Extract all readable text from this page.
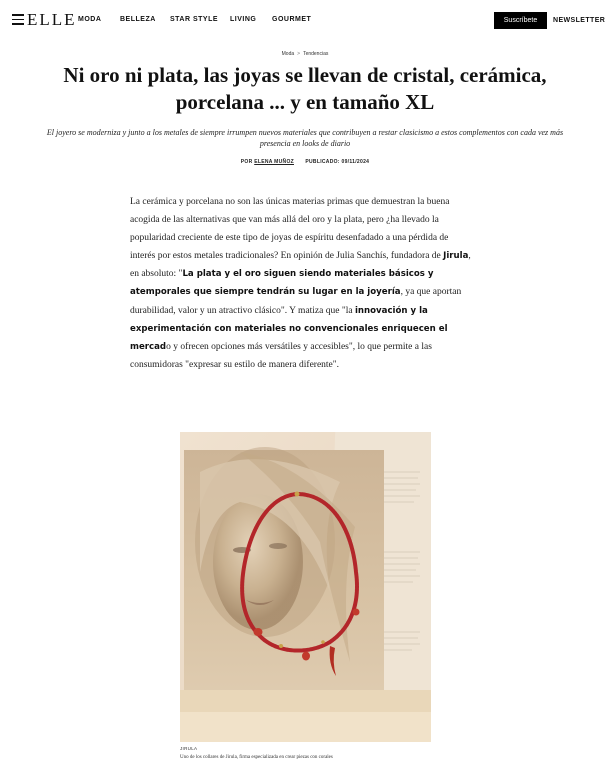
ELLE MODA	BELLEZA STAR STYLE LIVING GOURMET	Suscríbete	NEWSLETTER
Moda > Tendencias
Ni oro ni plata, las joyas se llevan de cristal, cerámica, porcelana ... y en tamaño XL

El joyero se moderniza y junto a los metales de siempre irrumpen nuevos materiales que contribuyen a restar clasicismo a estos complementos con cada vez más presencia en looks de diario

POR ELENA MUÑOZ PUBLICADO: 09/11/2024

La cerámica y porcelana no son las únicas materias primas que demuestran la buena acogida de las alternativas que van más allá del oro y la plata, pero ¿ha llevado la popularidad creciente de este tipo de joyas de espíritu desenfadado a una pérdida de interés por estos metales tradicionales? En opinión de Julia Sanchís, fundadora de Jirula, en absoluto: "La plata y el oro siguen siendo materiales básicos y atemporales que siempre tendrán su lugar en la joyería, ya que aportan durabilidad, valor y un atractivo clásico". Y matiza que "la innovación y la experimentación con materiales no convencionales enriquecen el mercado y ofrecen opciones más versátiles y accesibles", lo que permite a las consumidoras "expresar su estilo de manera diferente".

JIRULA
Uno de los collares de Jirula, firma especializada en crear piezas con corales
